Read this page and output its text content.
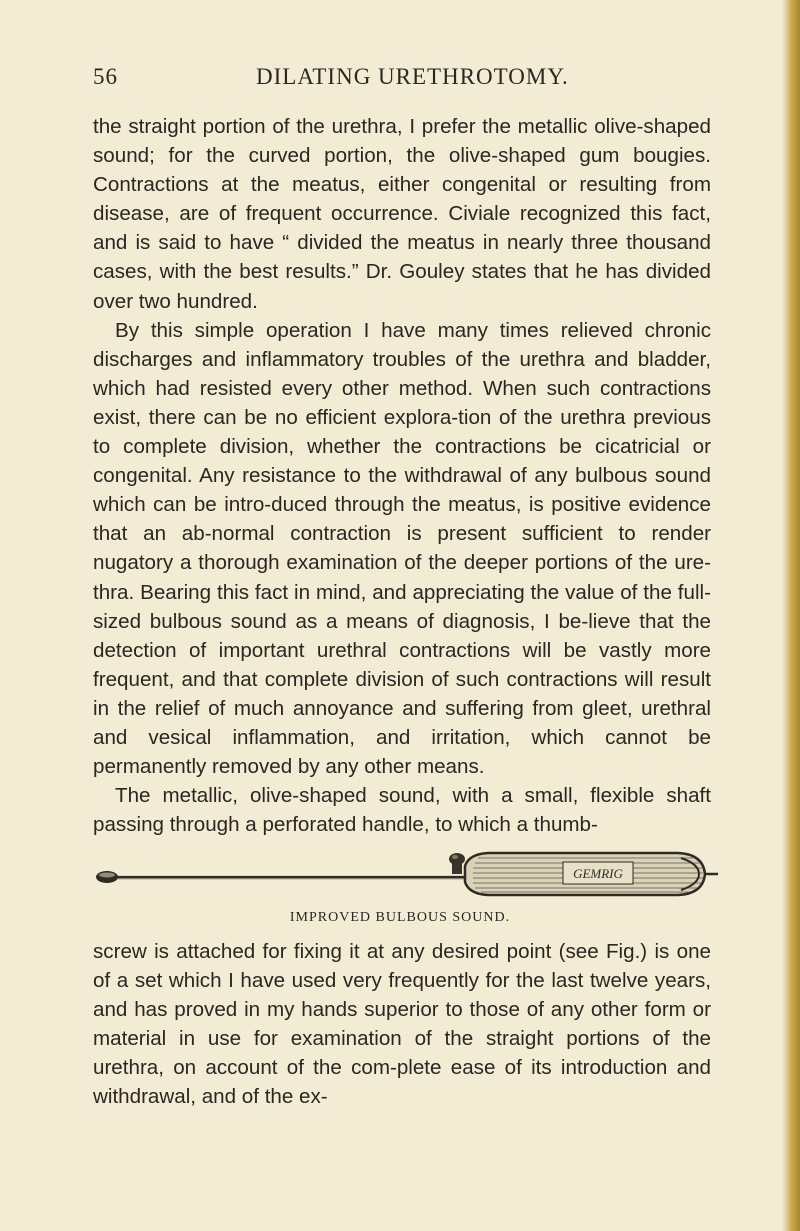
56	DILATING URETHROTOMY.

the straight portion of the urethra, I prefer the metallic olive-shaped sound; for the curved portion, the olive-shaped gum bougies. Contractions at the meatus, either congenital or resulting from disease, are of frequent occurrence. Civiale recognized this fact, and is said to have “ divided the meatus in nearly three thousand cases, with the best results.” Dr. Gouley states that he has divided over two hundred.

By this simple operation I have many times relieved chronic discharges and inflammatory troubles of the urethra and bladder, which had resisted every other method. When such contractions exist, there can be no efficient explora-tion of the urethra previous to complete division, whether the contractions be cicatricial or congenital. Any resistance to the withdrawal of any bulbous sound which can be intro-duced through the meatus, is positive evidence that an ab-normal contraction is present sufficient to render nugatory a thorough examination of the deeper portions of the ure-thra. Bearing this fact in mind, and appreciating the value of the full-sized bulbous sound as a means of diagnosis, I be-lieve that the detection of important urethral contractions will be vastly more frequent, and that complete division of such contractions will result in the relief of much annoyance and suffering from gleet, urethral and vesical inflammation, and irritation, which cannot be permanently removed by any other means.

The metallic, olive-shaped sound, with a small, flexible shaft passing through a perforated handle, to which a thumb-

GEMRIG
IMPROVED BULBOUS SOUND.

screw is attached for fixing it at any desired point (see Fig.) is one of a set which I have used very frequently for the last twelve years, and has proved in my hands superior to those of any other form or material in use for examination of the straight portions of the urethra, on account of the com-plete ease of its introduction and withdrawal, and of the ex-
